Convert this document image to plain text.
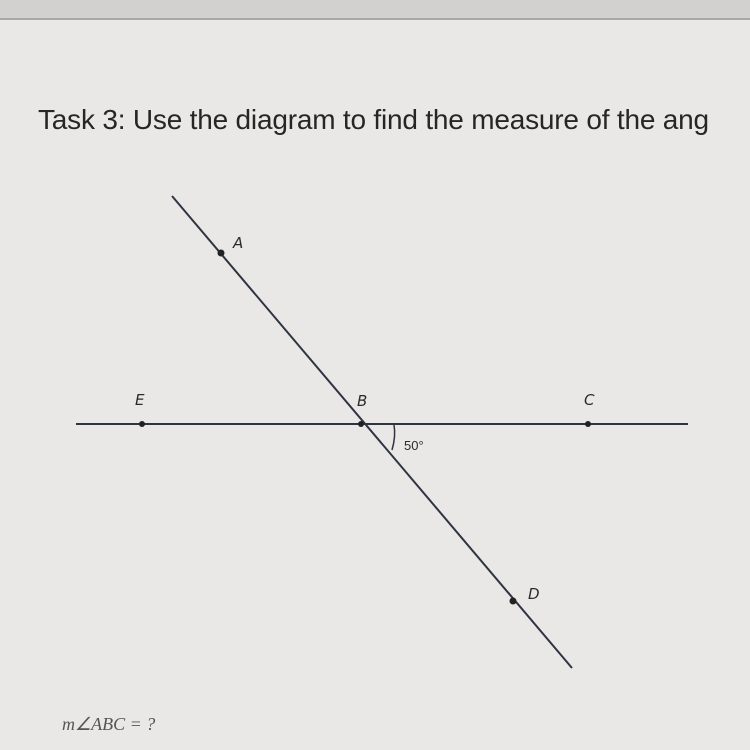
Task 3: Use the diagram to find the measure of the ang
A
E	B	C
D
50°
m∠ABC = ?
